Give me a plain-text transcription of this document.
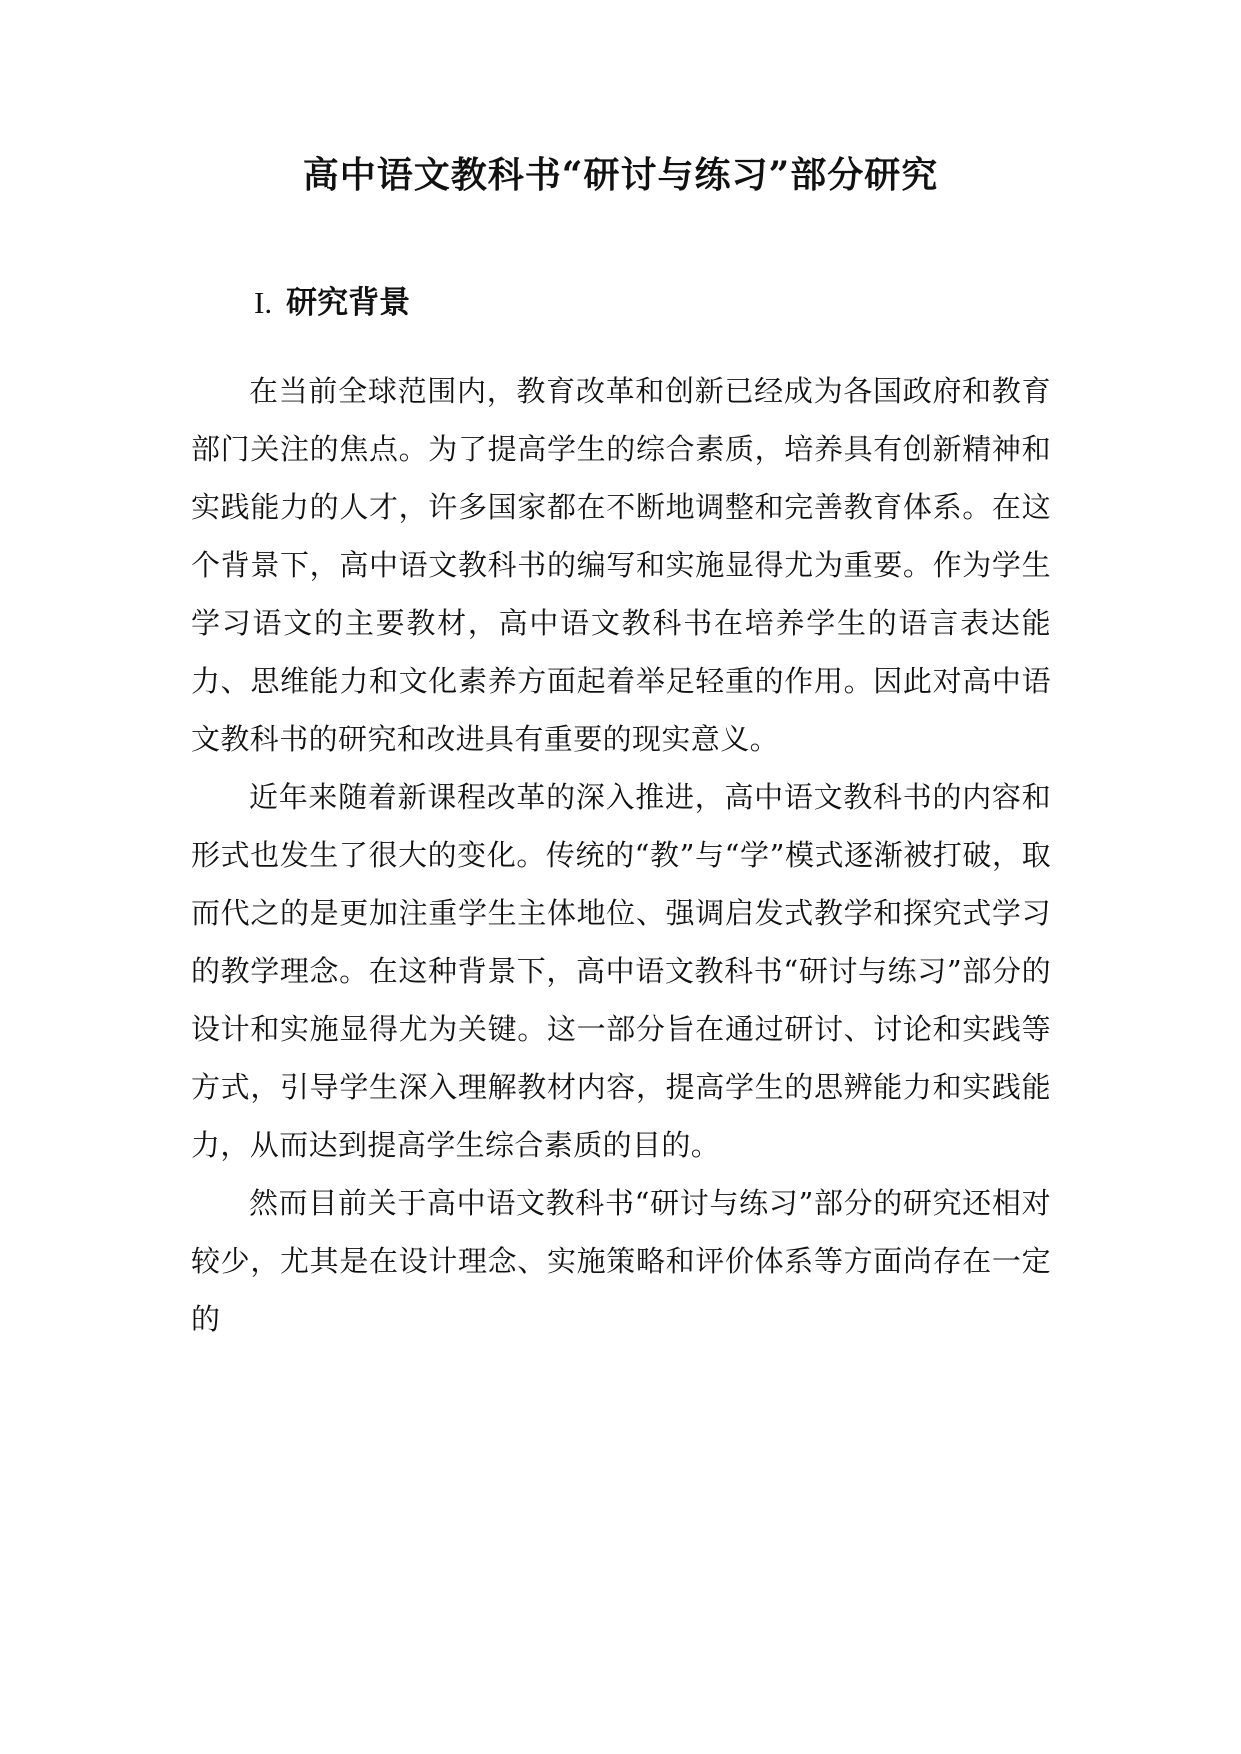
高中语文教科书“研讨与练习”部分研究
I. 研究背景

在当前全球范围内，教育改革和创新已经成为各国政府和教育部门关注的焦点。为了提高学生的综合素质，培养具有创新精神和实践能力的人才，许多国家都在不断地调整和完善教育体系。在这个背景下，高中语文教科书的编写和实施显得尤为重要。作为学生学习语文的主要教材，高中语文教科书在培养学生的语言表达能力、思维能力和文化素养方面起着举足轻重的作用。因此对高中语文教科书的研究和改进具有重要的现实意义。

近年来随着新课程改革的深入推进，高中语文教科书的内容和形式也发生了很大的变化。传统的“教”与“学”模式逐渐被打破，取而代之的是更加注重学生主体地位、强调启发式教学和探究式学习的教学理念。在这种背景下，高中语文教科书“研讨与练习”部分的设计和实施显得尤为关键。这一部分旨在通过研讨、讨论和实践等方式，引导学生深入理解教材内容，提高学生的思辨能力和实践能力，从而达到提高学生综合素质的目的。

然而目前关于高中语文教科书“研讨与练习”部分的研究还相对较少，尤其是在设计理念、实施策略和评价体系等方面尚存在一定的
